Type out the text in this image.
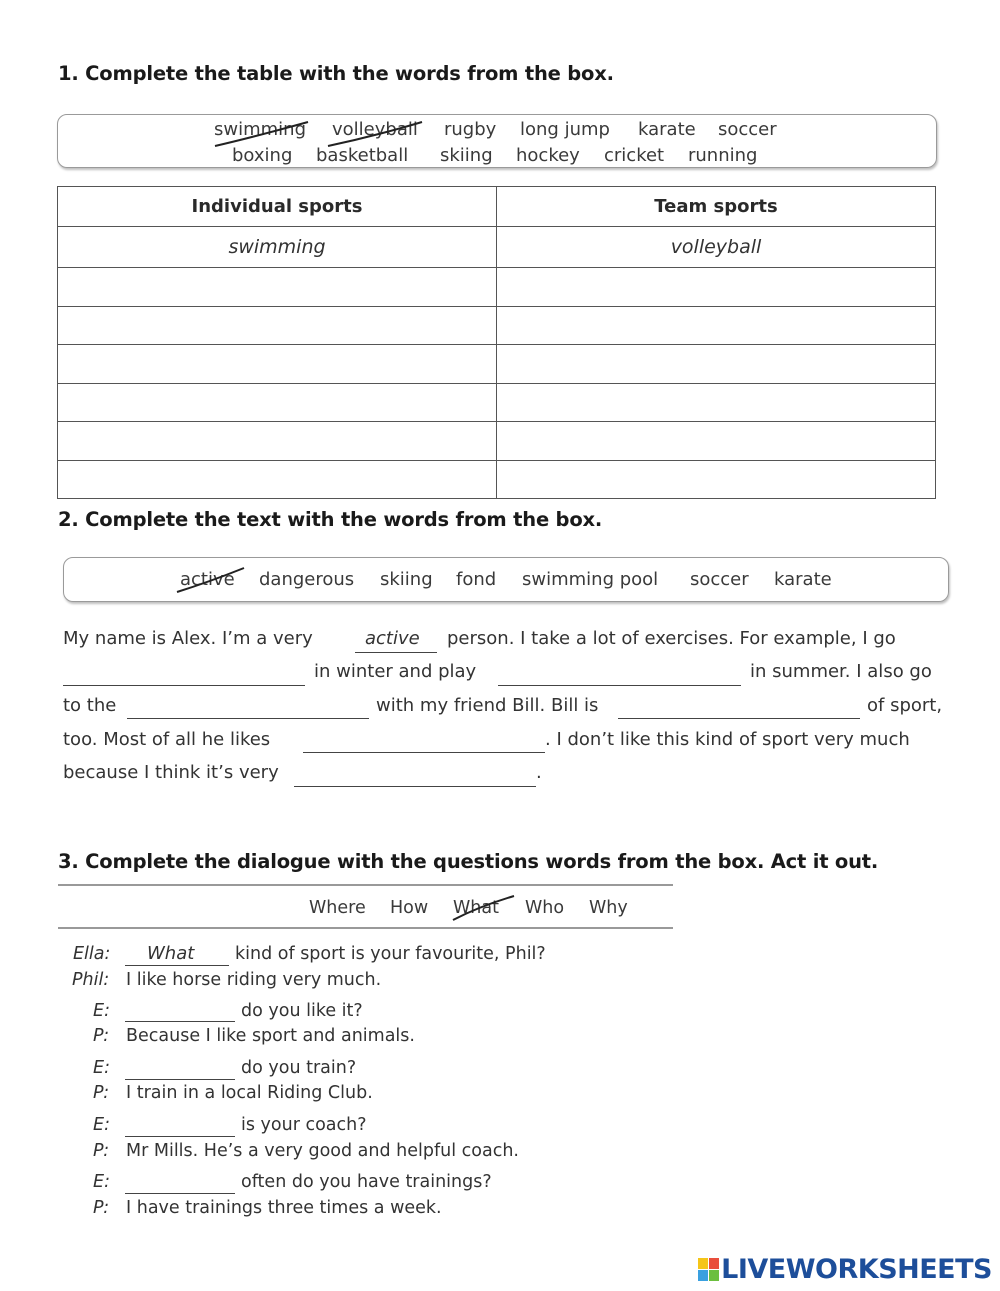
1. Complete the table with the words from the box.
swimming volleyball rugby long jump karate soccer
boxing basketball skiing hockey cricket running
Individual sports	Team sports
swimming	volleyball

2. Complete the text with the words from the box.
active dangerous skiing fond swimming pool soccer karate
My name is Alex. I’m a very	active person. I take a lot of exercises. For example, I go
in winter and play	in summer. I also go
to the	with my friend Bill. Bill is	of sport,
too. Most of all he likes	. I don’t like this kind of sport very much
because I think it’s very	.
3. Complete the dialogue with the questions words from the box. Act it out.
Where How What Who Why
Ella: What kind of sport is your favourite, Phil?
Phil: I like horse riding very much.
E:	do you like it?
P: Because I like sport and animals.
E:	do you train?
P: I train in a local Riding Club.
E:	is your coach?
P: Mr Mills. He’s a very good and helpful coach.
E:	often do you have trainings?
P: I have trainings three times a week.
LIVEWORKSHEETS
